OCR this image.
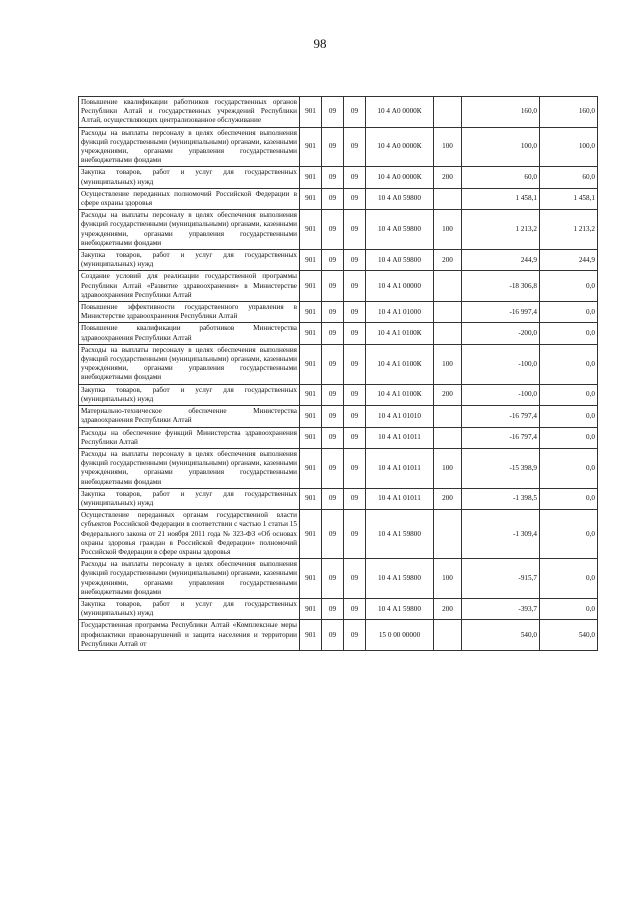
98
Повышение квалификации работников государственных органов Республики Алтай и государственных учреждений Республики Алтай, осуществляющих централизованное обслуживание	901	09	09	10 4 А0 0000К		160,0	160,0
Расходы на выплаты персоналу в целях обеспечения выполнения функций государственными (муниципальными) органами, казенными учреждениями, органами управления государственными внебюджетными фондами	901	09	09	10 4 А0 0000К	100	100,0	100,0
Закупка товаров, работ и услуг для государственных (муниципальных) нужд	901	09	09	10 4 А0 0000К	200	60,0	60,0
Осуществление переданных полномочий Российской Федерации в сфере охраны здоровья	901	09	09	10 4 А0 59800		1 458,1	1 458,1
Расходы на выплаты персоналу в целях обеспечения выполнения функций государственными (муниципальными) органами, казенными учреждениями, органами управления государственными внебюджетными фондами	901	09	09	10 4 А0 59800	100	1 213,2	1 213,2
Закупка товаров, работ и услуг для государственных (муниципальных) нужд	901	09	09	10 4 А0 59800	200	244,9	244,9
Создание условий для реализации государственной программы Республики Алтай «Развитие здравоохранения» в Министерстве здравоохранения Республики Алтай	901	09	09	10 4 А1 00000		-18 306,8	0,0
Повышение эффективности государственного управления в Министерстве здравоохранения Республики Алтай	901	09	09	10 4 А1 01000		-16 997,4	0,0
Повышение квалификации работников Министерства здравоохранения Республики Алтай	901	09	09	10 4 А1 0100К		-200,0	0,0
Расходы на выплаты персоналу в целях обеспечения выполнения функций государственными (муниципальными) органами, казенными учреждениями, органами управления государственными внебюджетными фондами	901	09	09	10 4 А1 0100К	100	-100,0	0,0
Закупка товаров, работ и услуг для государственных (муниципальных) нужд	901	09	09	10 4 А1 0100К	200	-100,0	0,0
Материально-техническое обеспечение Министерства здравоохранения Республики Алтай	901	09	09	10 4 А1 01010		-16 797,4	0,0
Расходы на обеспечение функций Министерства здравоохранения Республики Алтай	901	09	09	10 4 А1 01011		-16 797,4	0,0
Расходы на выплаты персоналу в целях обеспечения выполнения функций государственными (муниципальными) органами, казенными учреждениями, органами управления государственными внебюджетными фондами	901	09	09	10 4 А1 01011	100	-15 398,9	0,0
Закупка товаров, работ и услуг для государственных (муниципальных) нужд	901	09	09	10 4 А1 01011	200	-1 398,5	0,0
Осуществление переданных органам государственной власти субъектов Российской Федерации в соответствии с частью 1 статьи 15 Федерального закона от 21 ноября 2011 года № 323-ФЗ «Об основах охраны здоровья граждан в Российской Федерации» полномочий Российской Федерации в сфере охраны здоровья	901	09	09	10 4 А1 59800		-1 309,4	0,0
Расходы на выплаты персоналу в целях обеспечения выполнения функций государственными (муниципальными) органами, казенными учреждениями, органами управления государственными внебюджетными фондами	901	09	09	10 4 А1 59800	100	-915,7	0,0
Закупка товаров, работ и услуг для государственных (муниципальных) нужд	901	09	09	10 4 А1 59800	200	-393,7	0,0
Государственная программа Республики Алтай «Комплексные меры профилактики правонарушений и защита населения и территории Республики Алтай от	901	09	09	15 0 00 00000		540,0	540,0
